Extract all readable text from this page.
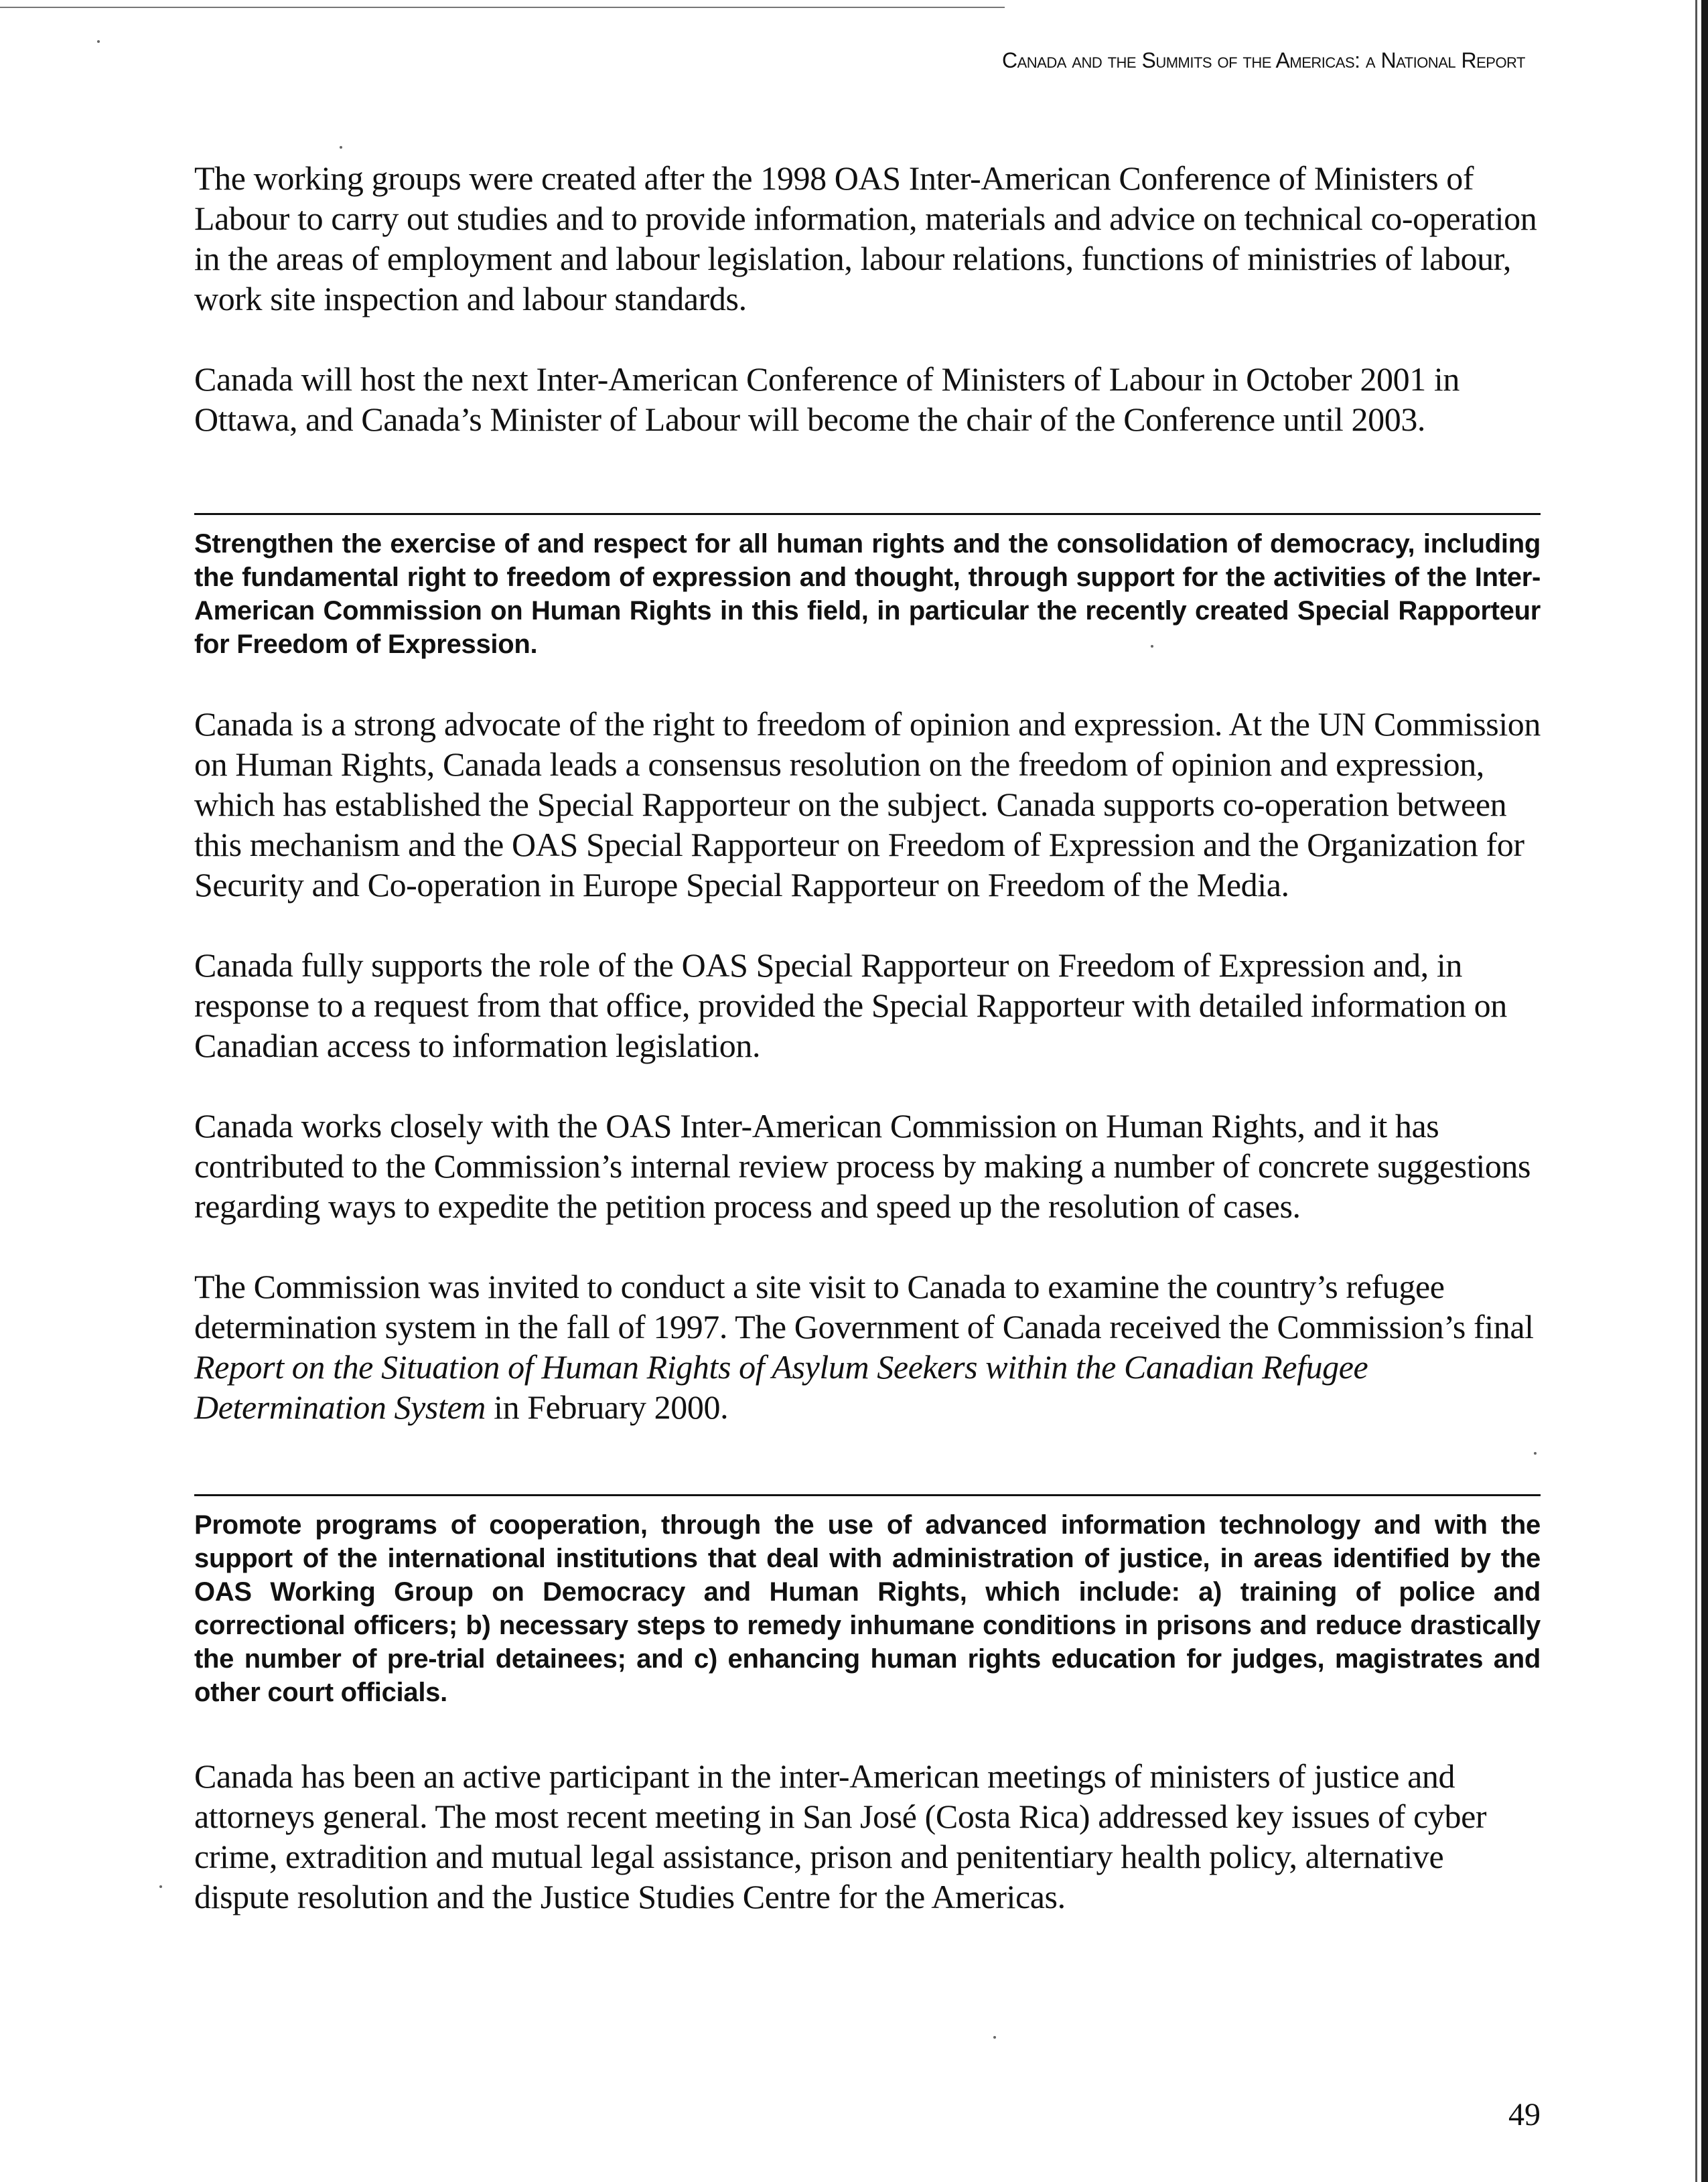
Canada and the Summits of the Americas: a National Report

The working groups were created after the 1998 OAS Inter-American Conference of Ministers of Labour to carry out studies and to provide information, materials and advice on technical co-operation in the areas of employment and labour legislation, labour relations, functions of ministries of labour, work site inspection and labour standards.

Canada will host the next Inter-American Conference of Ministers of Labour in October 2001 in Ottawa, and Canada’s Minister of Labour will become the chair of the Conference until 2003.

Strengthen the exercise of and respect for all human rights and the consolidation of democracy, including the fundamental right to freedom of expression and thought, through support for the activities of the Inter-American Commission on Human Rights in this field, in particular the recently created Special Rapporteur for Freedom of Expression.

Canada is a strong advocate of the right to freedom of opinion and expression. At the UN Commission on Human Rights, Canada leads a consensus resolution on the freedom of opinion and expression, which has established the Special Rapporteur on the subject. Canada supports co-operation between this mechanism and the OAS Special Rapporteur on Freedom of Expression and the Organization for Security and Co-operation in Europe Special Rapporteur on Freedom of the Media.

Canada fully supports the role of the OAS Special Rapporteur on Freedom of Expression and, in response to a request from that office, provided the Special Rapporteur with detailed information on Canadian access to information legislation.

Canada works closely with the OAS Inter-American Commission on Human Rights, and it has contributed to the Commission’s internal review process by making a number of concrete suggestions regarding ways to expedite the petition process and speed up the resolution of cases.

The Commission was invited to conduct a site visit to Canada to examine the country’s refugee determination system in the fall of 1997. The Government of Canada received the Commission’s final Report on the Situation of Human Rights of Asylum Seekers within the Canadian Refugee Determination System in February 2000.

Promote programs of cooperation, through the use of advanced information technology and with the support of the international institutions that deal with administration of justice, in areas identified by the OAS Working Group on Democracy and Human Rights, which include: a) training of police and correctional officers; b) necessary steps to remedy inhumane conditions in prisons and reduce drastically the number of pre-trial detainees; and c) enhancing human rights education for judges, magistrates and other court officials.

Canada has been an active participant in the inter-American meetings of ministers of justice and attorneys general. The most recent meeting in San José (Costa Rica) addressed key issues of cyber crime, extradition and mutual legal assistance, prison and penitentiary health policy, alternative dispute resolution and the Justice Studies Centre for the Americas.

49
